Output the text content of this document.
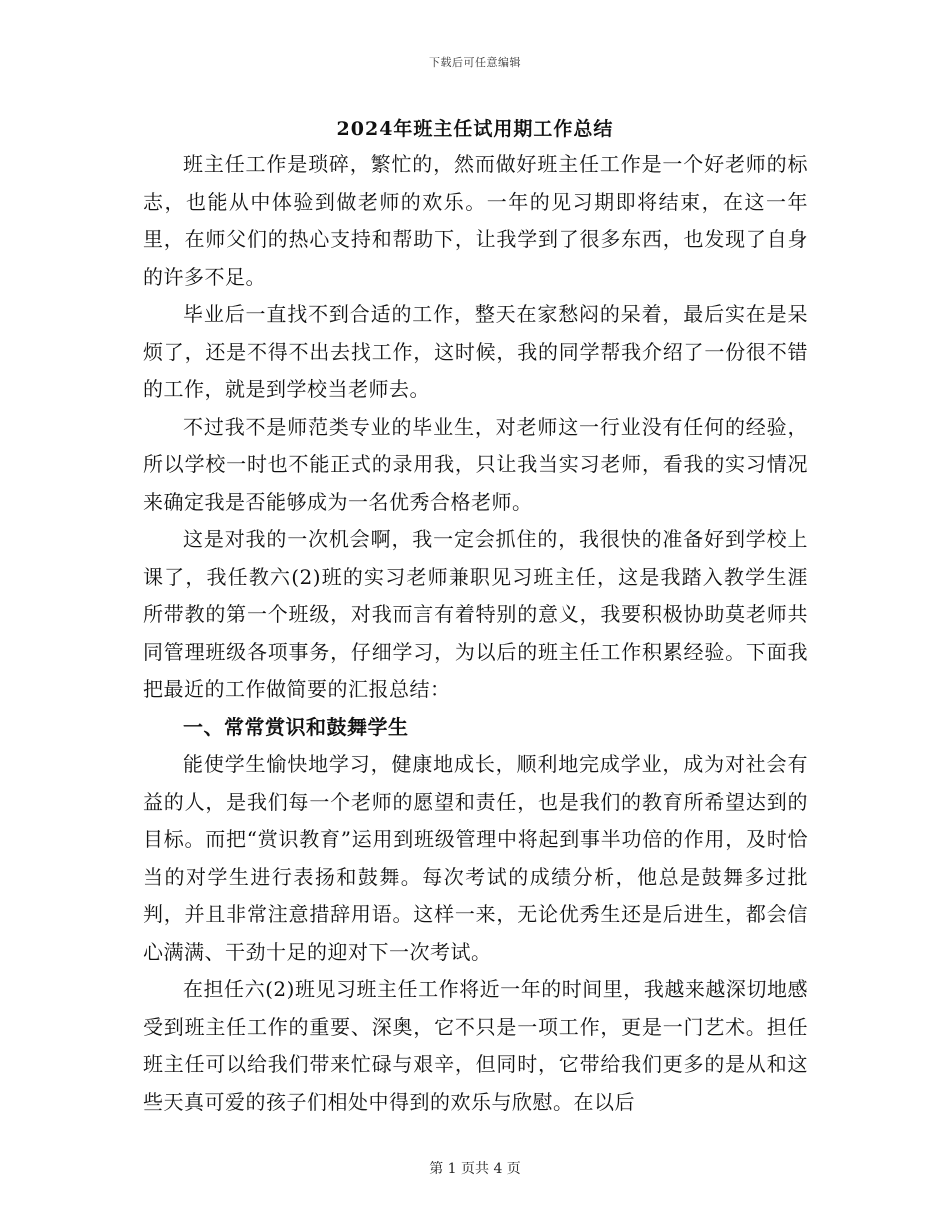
下载后可任意编辑
2024年班主任试用期工作总结

班主任工作是琐碎，繁忙的，然而做好班主任工作是一个好老师的标志，也能从中体验到做老师的欢乐。一年的见习期即将结束，在这一年里，在师父们的热心支持和帮助下，让我学到了很多东西，也发现了自身的许多不足。

毕业后一直找不到合适的工作，整天在家愁闷的呆着，最后实在是呆烦了，还是不得不出去找工作，这时候，我的同学帮我介绍了一份很不错的工作，就是到学校当老师去。

不过我不是师范类专业的毕业生，对老师这一行业没有任何的经验，所以学校一时也不能正式的录用我，只让我当实习老师，看我的实习情况来确定我是否能够成为一名优秀合格老师。

这是对我的一次机会啊，我一定会抓住的，我很快的准备好到学校上课了，我任教六(2)班的实习老师兼职见习班主任，这是我踏入教学生涯所带教的第一个班级，对我而言有着特别的意义，我要积极协助莫老师共同管理班级各项事务，仔细学习，为以后的班主任工作积累经验。下面我把最近的工作做简要的汇报总结：

一、常常赏识和鼓舞学生

能使学生愉快地学习，健康地成长，顺利地完成学业，成为对社会有益的人，是我们每一个老师的愿望和责任，也是我们的教育所希望达到的目标。而把“赏识教育”运用到班级管理中将起到事半功倍的作用，及时恰当的对学生进行表扬和鼓舞。每次考试的成绩分析，他总是鼓舞多过批判，并且非常注意措辞用语。这样一来，无论优秀生还是后进生，都会信心满满、干劲十足的迎对下一次考试。

在担任六(2)班见习班主任工作将近一年的时间里，我越来越深切地感受到班主任工作的重要、深奥，它不只是一项工作，更是一门艺术。担任班主任可以给我们带来忙碌与艰辛，但同时，它带给我们更多的是从和这些天真可爱的孩子们相处中得到的欢乐与欣慰。在以后

第 1 页共 4 页
